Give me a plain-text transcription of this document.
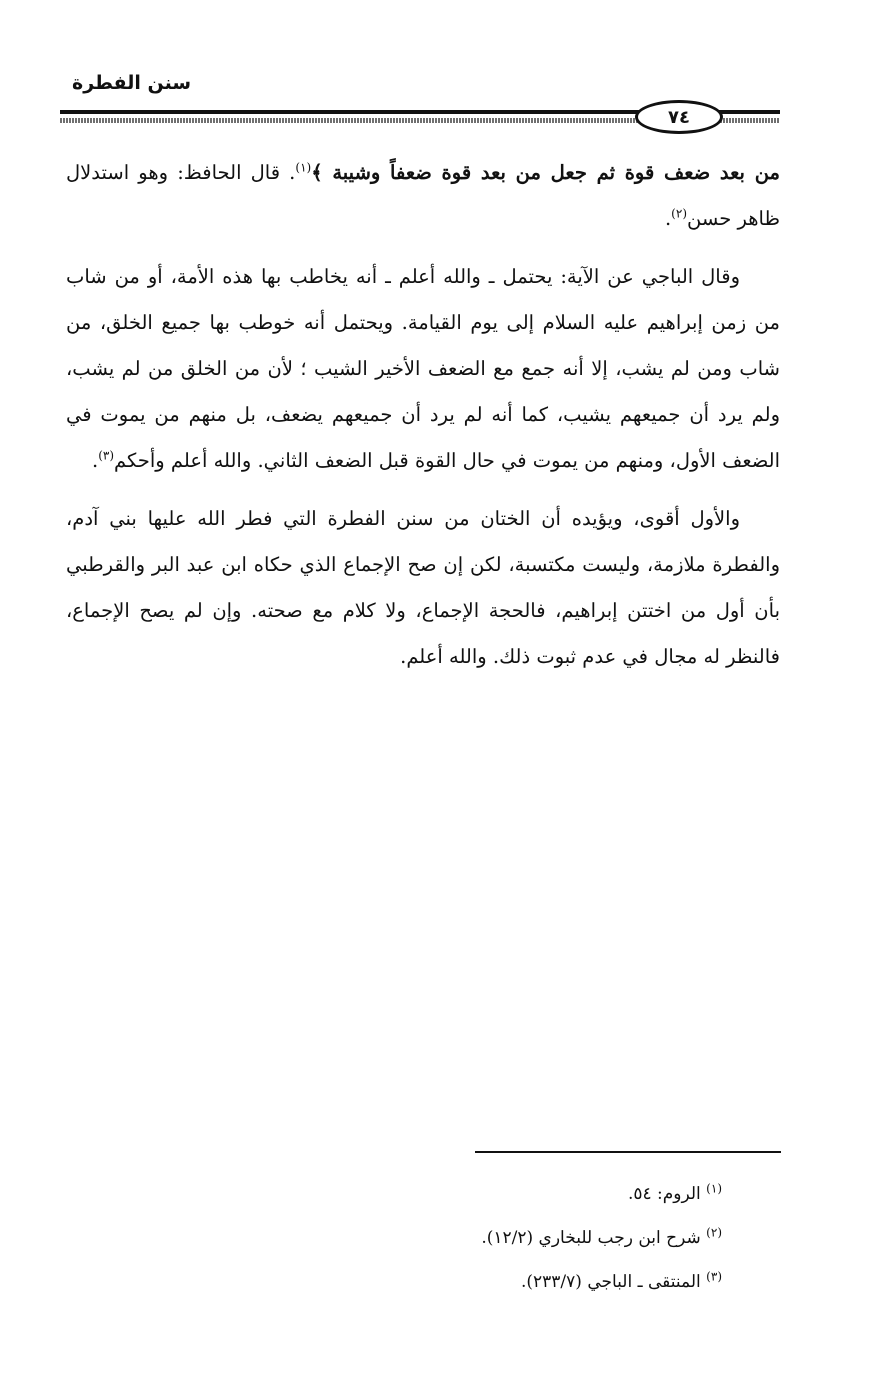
سنن الفطرة
٧٤

من بعد ضعف قوة ثم جعل من بعد قوة ضعفاً وشيبة ﴾$^{(١)}$. قال الحافظ: وهو استدلال ظاهر حسن$^{(٢)}$.

وقال الباجي عن الآية: يحتمل ـ والله أعلم ـ أنه يخاطب بها هذه الأمة، أو من شاب من زمن إبراهيم عليه السلام إلى يوم القيامة. ويحتمل أنه خوطب بها جميع الخلق، من شاب ومن لم يشب، إلا أنه جمع مع الضعف الأخير الشيب ؛ لأن من الخلق من لم يشب، ولم يرد أن جميعهم يشيب، كما أنه لم يرد أن جميعهم يضعف، بل منهم من يموت في الضعف الأول، ومنهم من يموت في حال القوة قبل الضعف الثاني. والله أعلم وأحكم$^{(٣)}$.

والأول أقوى، ويؤيده أن الختان من سنن الفطرة التي فطر الله عليها بني آدم، والفطرة ملازمة، وليست مكتسبة، لكن إن صح الإجماع الذي حكاه ابن عبد البر والقرطبي بأن أول من اختتن إبراهيم، فالحجة الإجماع، ولا كلام مع صحته. وإن لم يصح الإجماع، فالنظر له مجال في عدم ثبوت ذلك. والله أعلم.

$^{(١)}$ الروم: ٥٤.
$^{(٢)}$ شرح ابن رجب للبخاري (١٢/٢).
$^{(٣)}$ المنتقى ـ الباجي (٢٣٣/٧).
